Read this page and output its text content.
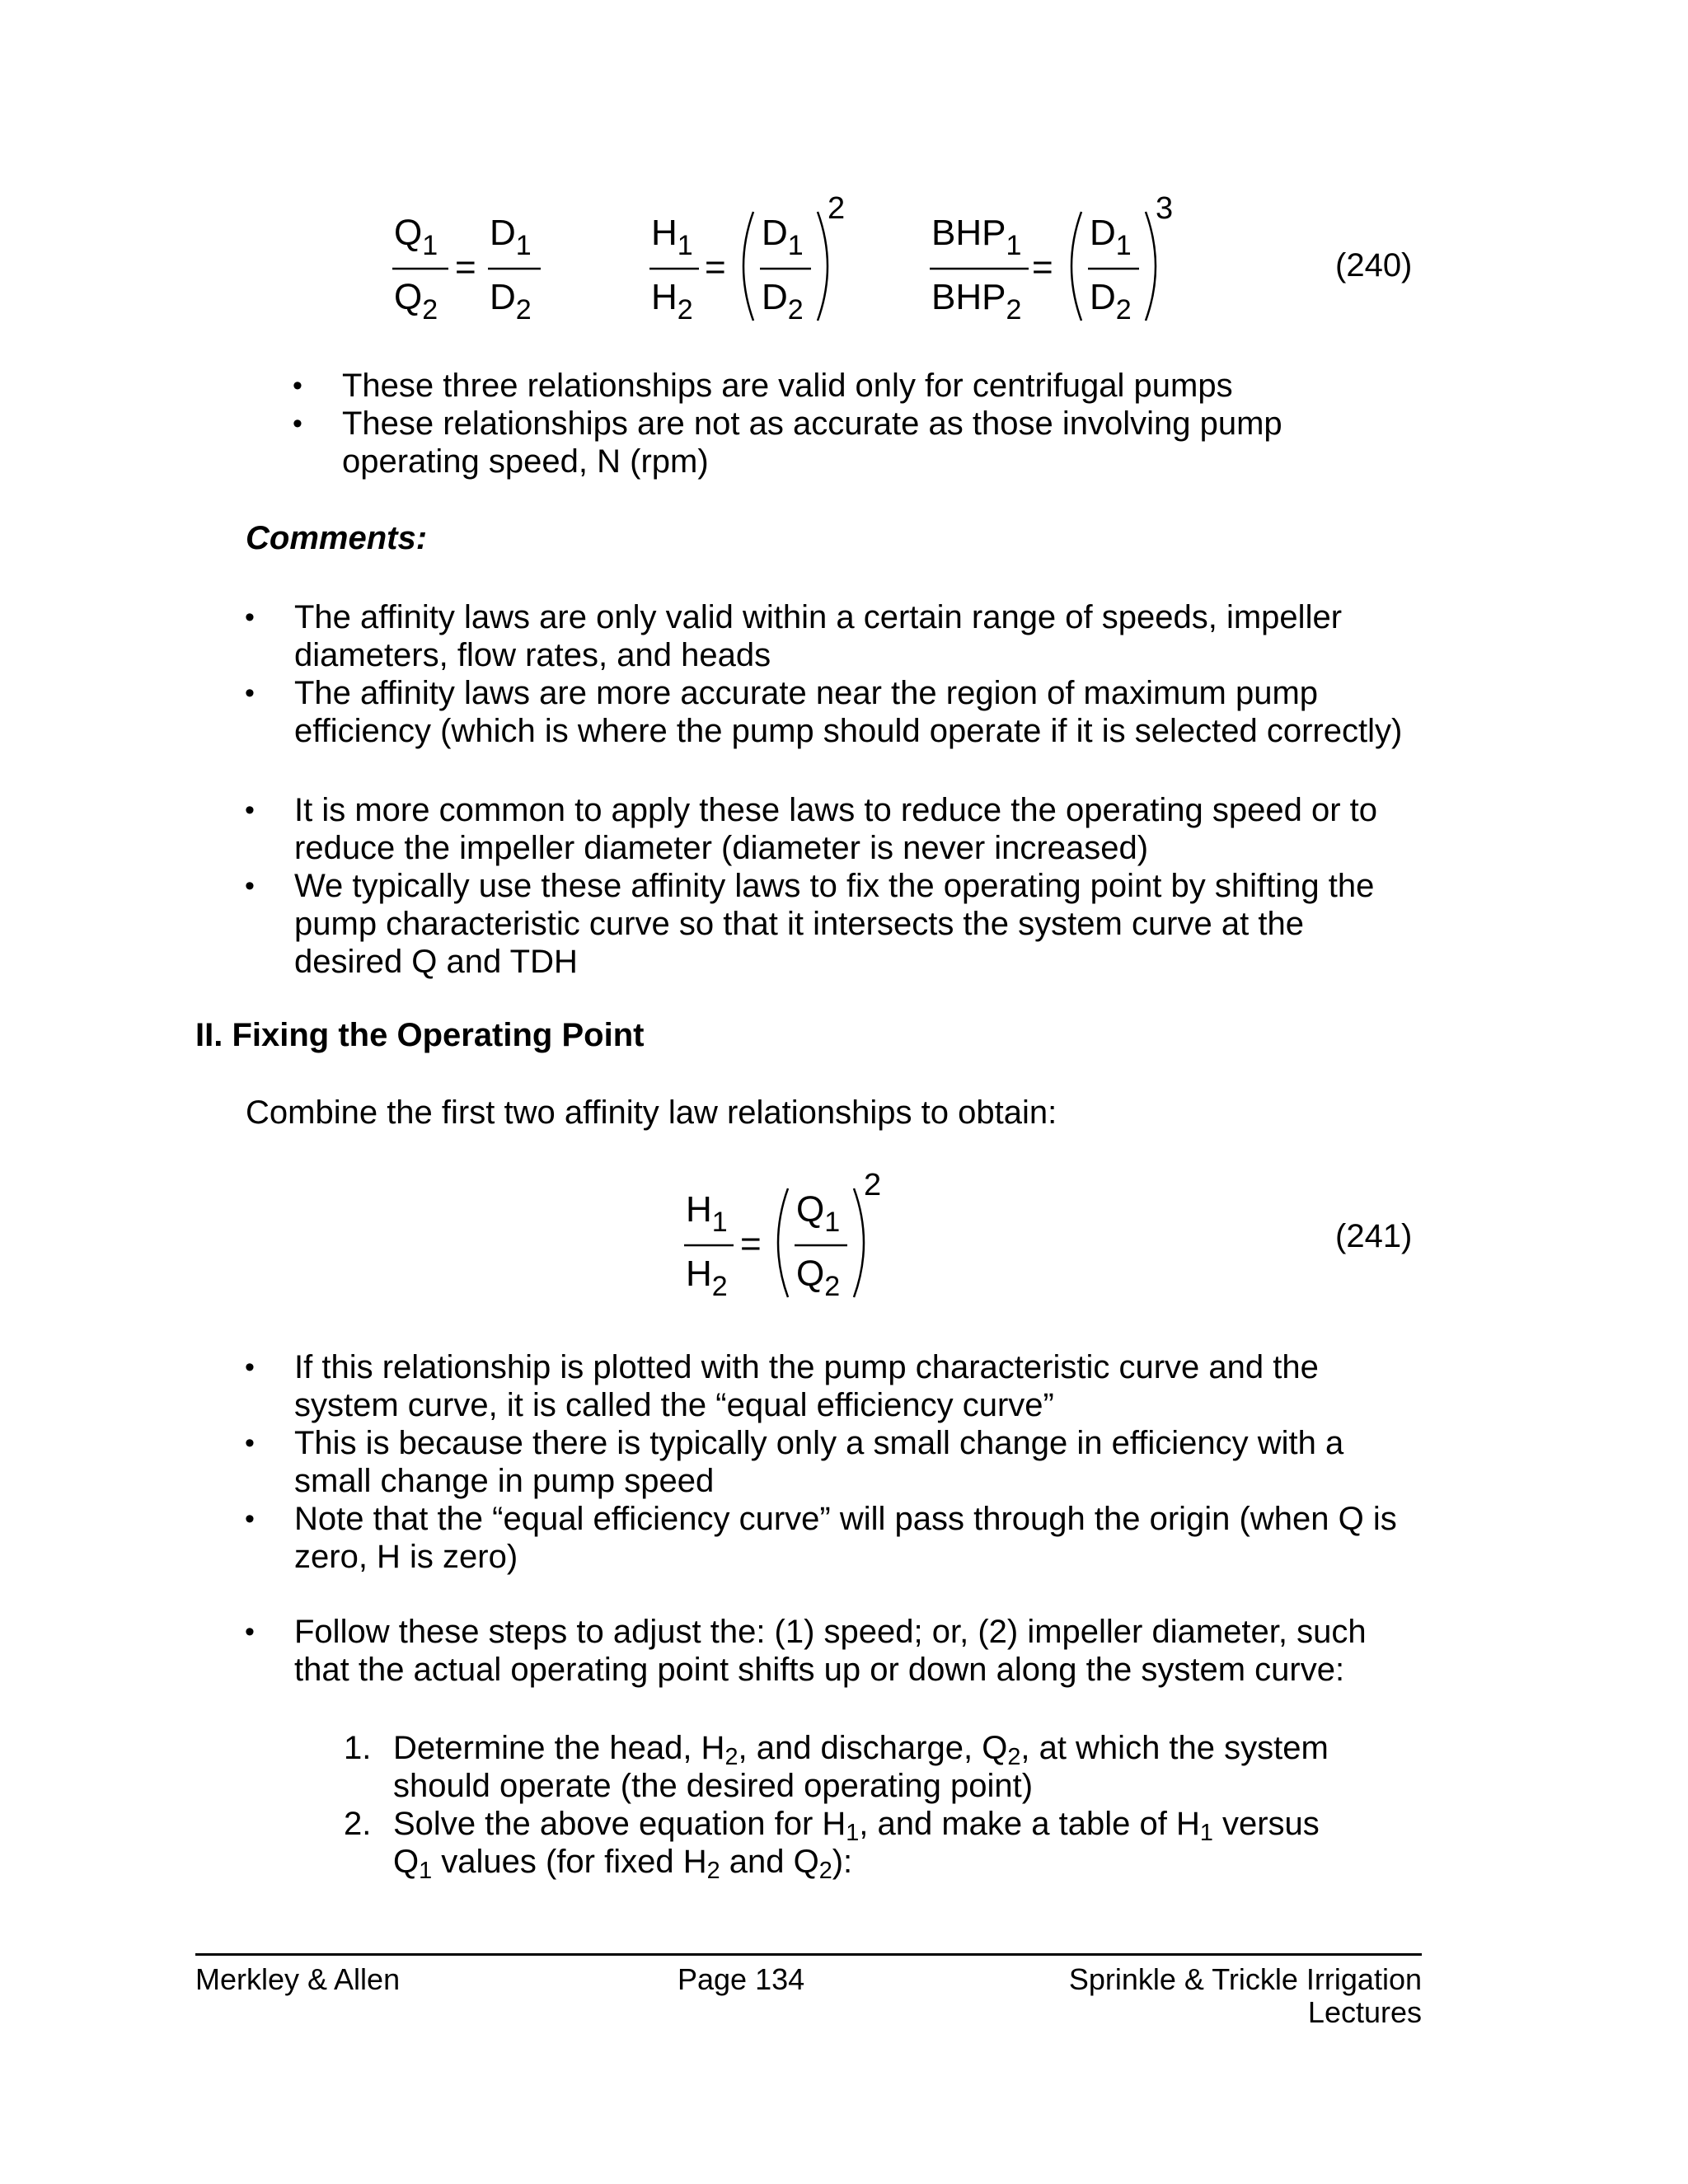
$Q_1$
$Q_2$
=
$D_1$
$D_2$
$H_1$
$H_2$
=
$D_1$
$D_2$
2
$BHP_1$
$BHP_2$
=
$D_1$
$D_2$
3
(240)
• These three relationships are valid only for centrifugal pumps
• These relationships are not as accurate as those involving pump operating speed, N (rpm)
Comments:
• The affinity laws are only valid within a certain range of speeds, impeller diameters, flow rates, and heads
• The affinity laws are more accurate near the region of maximum pump efficiency (which is where the pump should operate if it is selected correctly)
• It is more common to apply these laws to reduce the operating speed or to reduce the impeller diameter (diameter is never increased)
• We typically use these affinity laws to fix the operating point by shifting the pump characteristic curve so that it intersects the system curve at the desired Q and TDH
II. Fixing the Operating Point
Combine the first two affinity law relationships to obtain:
$H_1$
$H_2$
=
$Q_1$
$Q_2$
2
(241)
• If this relationship is plotted with the pump characteristic curve and the system curve, it is called the “equal efficiency curve”
• This is because there is typically only a small change in efficiency with a small change in pump speed
• Note that the “equal efficiency curve” will pass through the origin (when Q is zero, H is zero)
• Follow these steps to adjust the: (1) speed; or, (2) impeller diameter, such that the actual operating point shifts up or down along the system curve:
1. Determine the head, $H_2$, and discharge, $Q_2$, at which the system should operate (the desired operating point)
2. Solve the above equation for $H_1$, and make a table of $H_1$ versus $Q_1$ values (for fixed $H_2$ and $Q_2$):
Merkley & Allen	Page 134	Sprinkle & Trickle Irrigation Lectures
